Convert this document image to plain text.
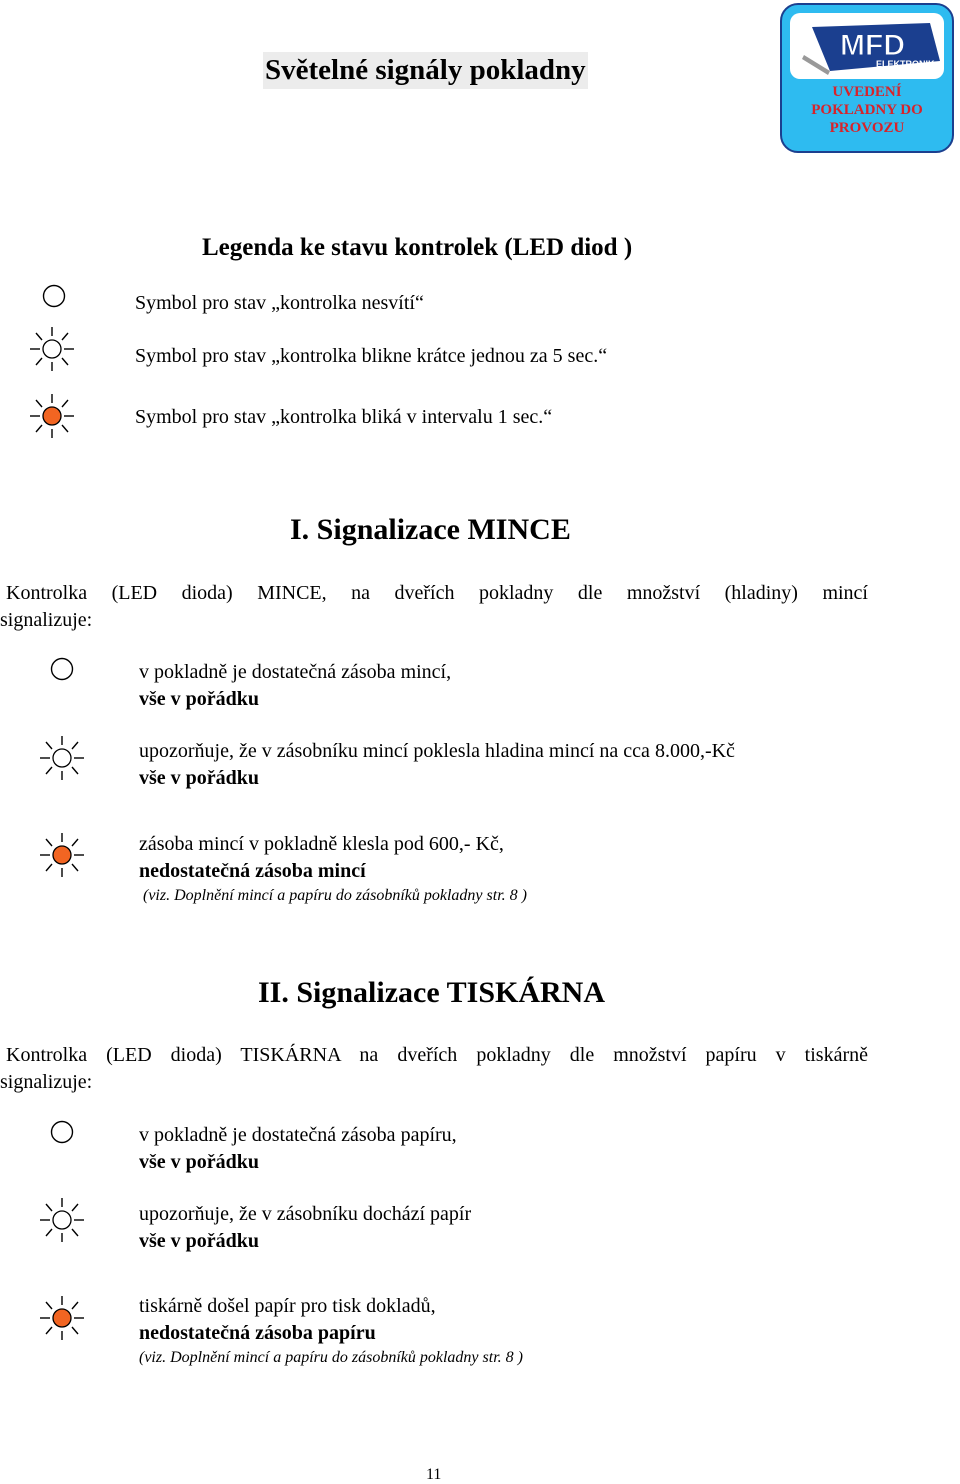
Světelné signály pokladny
MFD
ELEKTRONIK
UVEDENÍ
POKLADNY DO
PROVOZU
Legenda ke stavu kontrolek (LED diod )
Symbol pro stav „kontrolka nesvítí“
Symbol pro stav „kontrolka blikne krátce jednou za 5 sec.“
Symbol pro stav „kontrolka bliká v intervalu 1 sec.“
I. Signalizace MINCE
Kontrolka (LED dioda) MINCE, na dveřích pokladny dle množství (hladiny) mincí
signalizuje:
v pokladně je dostatečná zásoba mincí,
vše v pořádku
upozorňuje, že v zásobníku mincí poklesla hladina mincí na cca 8.000,-Kč
vše v pořádku
zásoba mincí v pokladně klesla pod 600,- Kč,
nedostatečná zásoba mincí
(viz. Doplnění mincí a papíru do zásobníků pokladny str. 8 )
II. Signalizace TISKÁRNA
Kontrolka (LED dioda) TISKÁRNA na dveřích pokladny dle množství papíru v tiskárně
signalizuje:
v pokladně je dostatečná zásoba papíru,
vše v pořádku
upozorňuje, že v zásobníku dochází papír
vše v pořádku
tiskárně došel papír pro tisk dokladů,
nedostatečná zásoba papíru
(viz. Doplnění mincí a papíru do zásobníků pokladny str. 8 )
11
